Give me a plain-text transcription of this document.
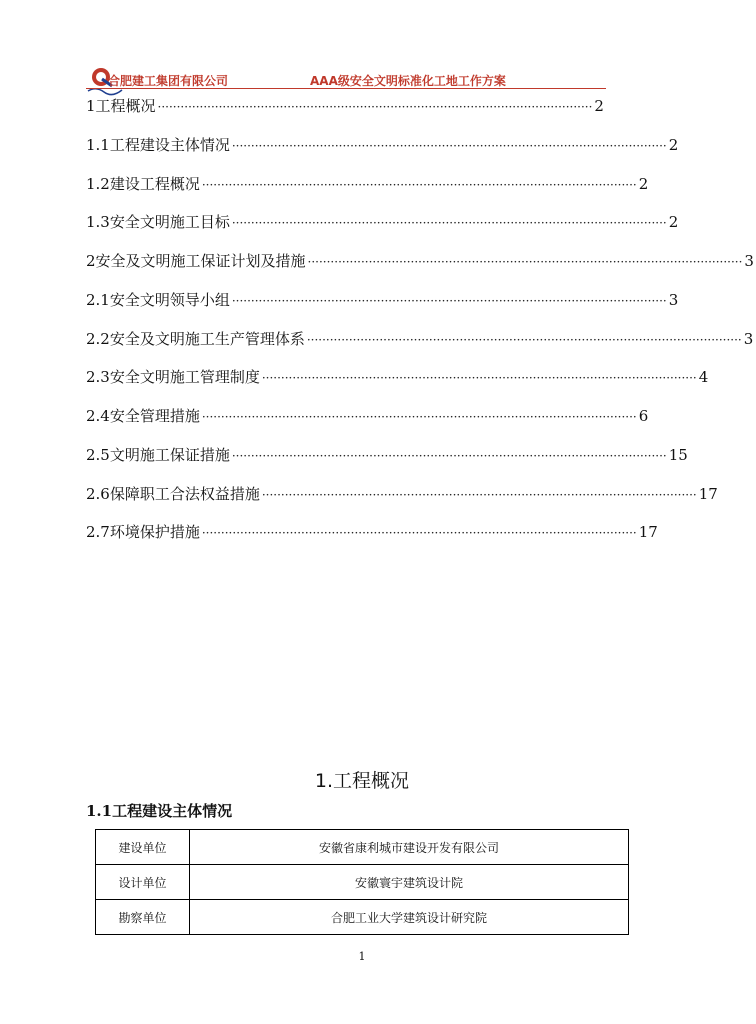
合肥建工集团有限公司	AAA级安全文明标准化工地工作方案
1工程概况 ·················································································································· 2
1.1工程建设主体情况 ·················································································································· 2
1.2建设工程概况 ·················································································································· 2
1.3安全文明施工目标 ·················································································································· 2
2安全及文明施工保证计划及措施 ·················································································································· 3
2.1安全文明领导小组 ·················································································································· 3
2.2安全及文明施工生产管理体系 ·················································································································· 3
2.3安全文明施工管理制度 ·················································································································· 4
2.4安全管理措施 ·················································································································· 6
2.5文明施工保证措施 ·················································································································· 15
2.6保障职工合法权益措施 ·················································································································· 17
2.7环境保护措施 ·················································································································· 17
1.工程概况
1.1工程建设主体情况
建设单位	安徽省康利城市建设开发有限公司
设计单位	安徽寰宇建筑设计院
勘察单位	合肥工业大学建筑设计研究院
1
